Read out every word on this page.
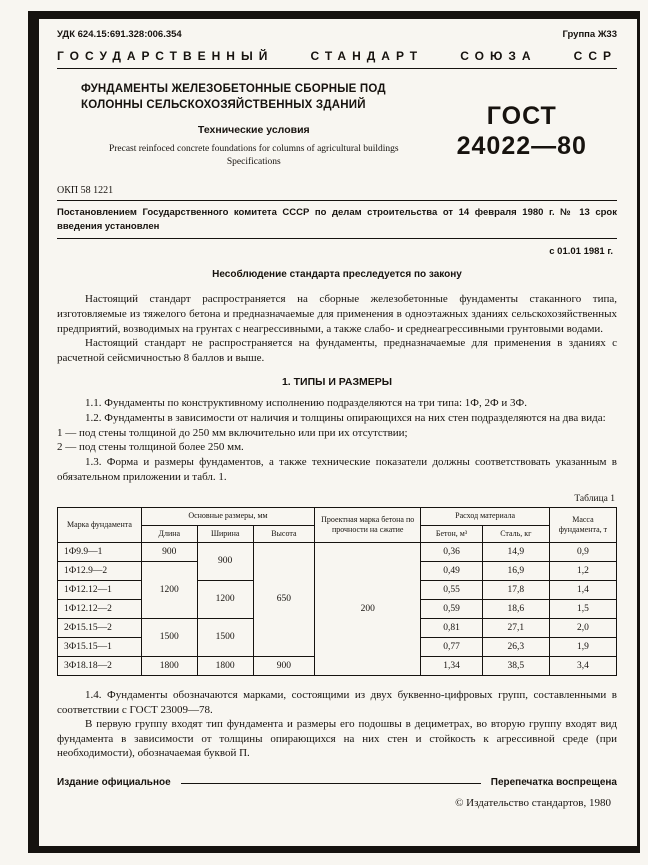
УДК 624.15:691.328:006.354	Группа Ж33
ГОСУДАРСТВЕННЫЙ СТАНДАРТ СОЮЗА ССР
ФУНДАМЕНТЫ ЖЕЛЕЗОБЕТОННЫЕ СБОРНЫЕ ПОД КОЛОННЫ СЕЛЬСКОХОЗЯЙСТВЕННЫХ ЗДАНИЙ
Технические условия
Precast reinfoced concrete foundations for columns of agricultural buildings
Specifications
ГОСТ
24022—80
ОКП 58 1221

Постановлением Государственного комитета СССР по делам строительства от 14 февраля 1980 г. № 13 срок введения установлен

с 01.01 1981 г.
Несоблюдение стандарта преследуется по закону

Настоящий стандарт распространяется на сборные железобетонные фундаменты стаканного типа, изготовляемые из тяжелого бетона и предназначаемые для применения в одноэтажных зданиях сельскохозяйственных предприятий, возводимых на грунтах с неагрессивными, а также слабо- и среднеагрессивными грунтовыми водами.

Настоящий стандарт не распространяется на фундаменты, предназначаемые для применения в зданиях с расчетной сейсмичностью 8 баллов и выше.

1. ТИПЫ И РАЗМЕРЫ

1.1. Фундаменты по конструктивному исполнению подразделяются на три типа: 1Ф, 2Ф и 3Ф.

1.2. Фундаменты в зависимости от наличия и толщины опирающихся на них стен подразделяются на два вида:

1 — под стены толщиной до 250 мм включительно или при их отсутствии;
2 — под стены толщиной более 250 мм.

1.3. Форма и размеры фундаментов, а также технические показатели должны соответствовать указанным в обязательном приложении и табл. 1.

Таблица 1
Марка фундамента	Основные размеры, мм			Проектная марка бетона по прочности на сжатие	Расход материала		Масса фундамента, т
	Длина	Ширина	Высота		Бетон, м³	Сталь, кг	
1Ф9.9—1	900	900	650	200	0,36	14,9	0,9
1Ф12.9—2	1200				0,49	16,9	1,2
1Ф12.12—1		1200			0,55	17,8	1,4
1Ф12.12—2					0,59	18,6	1,5
2Ф15.15—2	1500	1500			0,81	27,1	2,0
3Ф15.15—1					0,77	26,3	1,9
3Ф18.18—2	1800	1800	900		1,34	38,5	3,4

1.4. Фундаменты обозначаются марками, состоящими из двух буквенно-цифровых групп, составленными в соответствии с ГОСТ 23009—78.

В первую группу входят тип фундамента и размеры его подошвы в дециметрах, во вторую группу входят вид фундамента в зависимости от толщины опирающихся на них стен и стойкость к агрессивной среде (при необходимости), обозначаемая буквой П.

Издание официальное	Перепечатка воспрещена
© Издательство стандартов, 1980
